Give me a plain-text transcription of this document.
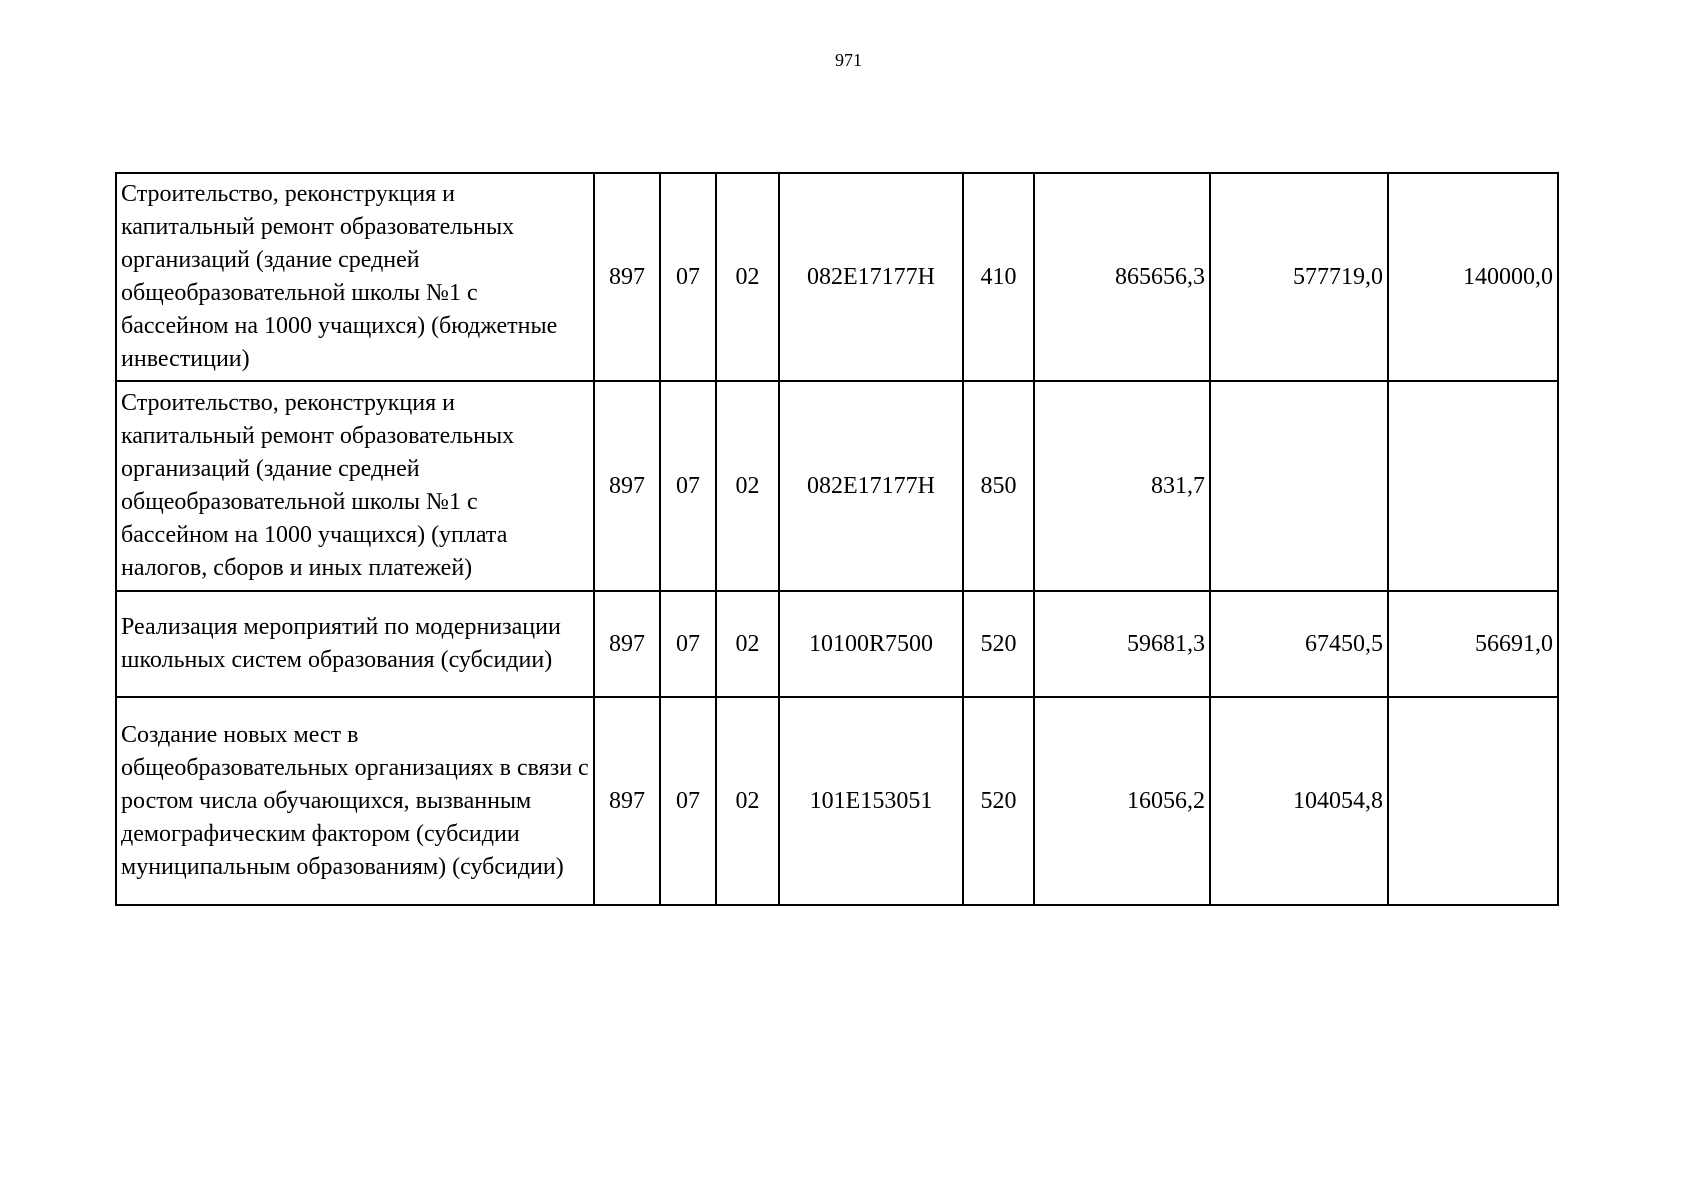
971
Строительство, реконструкция и капитальный ремонт образовательных организаций (здание средней общеобразовательной школы №1 с бассейном на 1000 учащихся) (бюджетные инвестиции)	897	07	02	082E17177Н	410	865656,3	577719,0	140000,0
Строительство, реконструкция и капитальный ремонт образовательных организаций (здание средней общеобразовательной школы №1 с бассейном на 1000 учащихся) (уплата налогов, сборов и иных платежей)	897	07	02	082E17177Н	850	831,7		
Реализация мероприятий по модернизации школьных систем образования (субсидии)	897	07	02	10100R7500	520	59681,3	67450,5	56691,0
Создание новых мест в общеобразовательных организациях в связи с ростом числа обучающихся, вызванным демографическим фактором (субсидии муниципальным образованиям) (субсидии)	897	07	02	101E153051	520	16056,2	104054,8	
